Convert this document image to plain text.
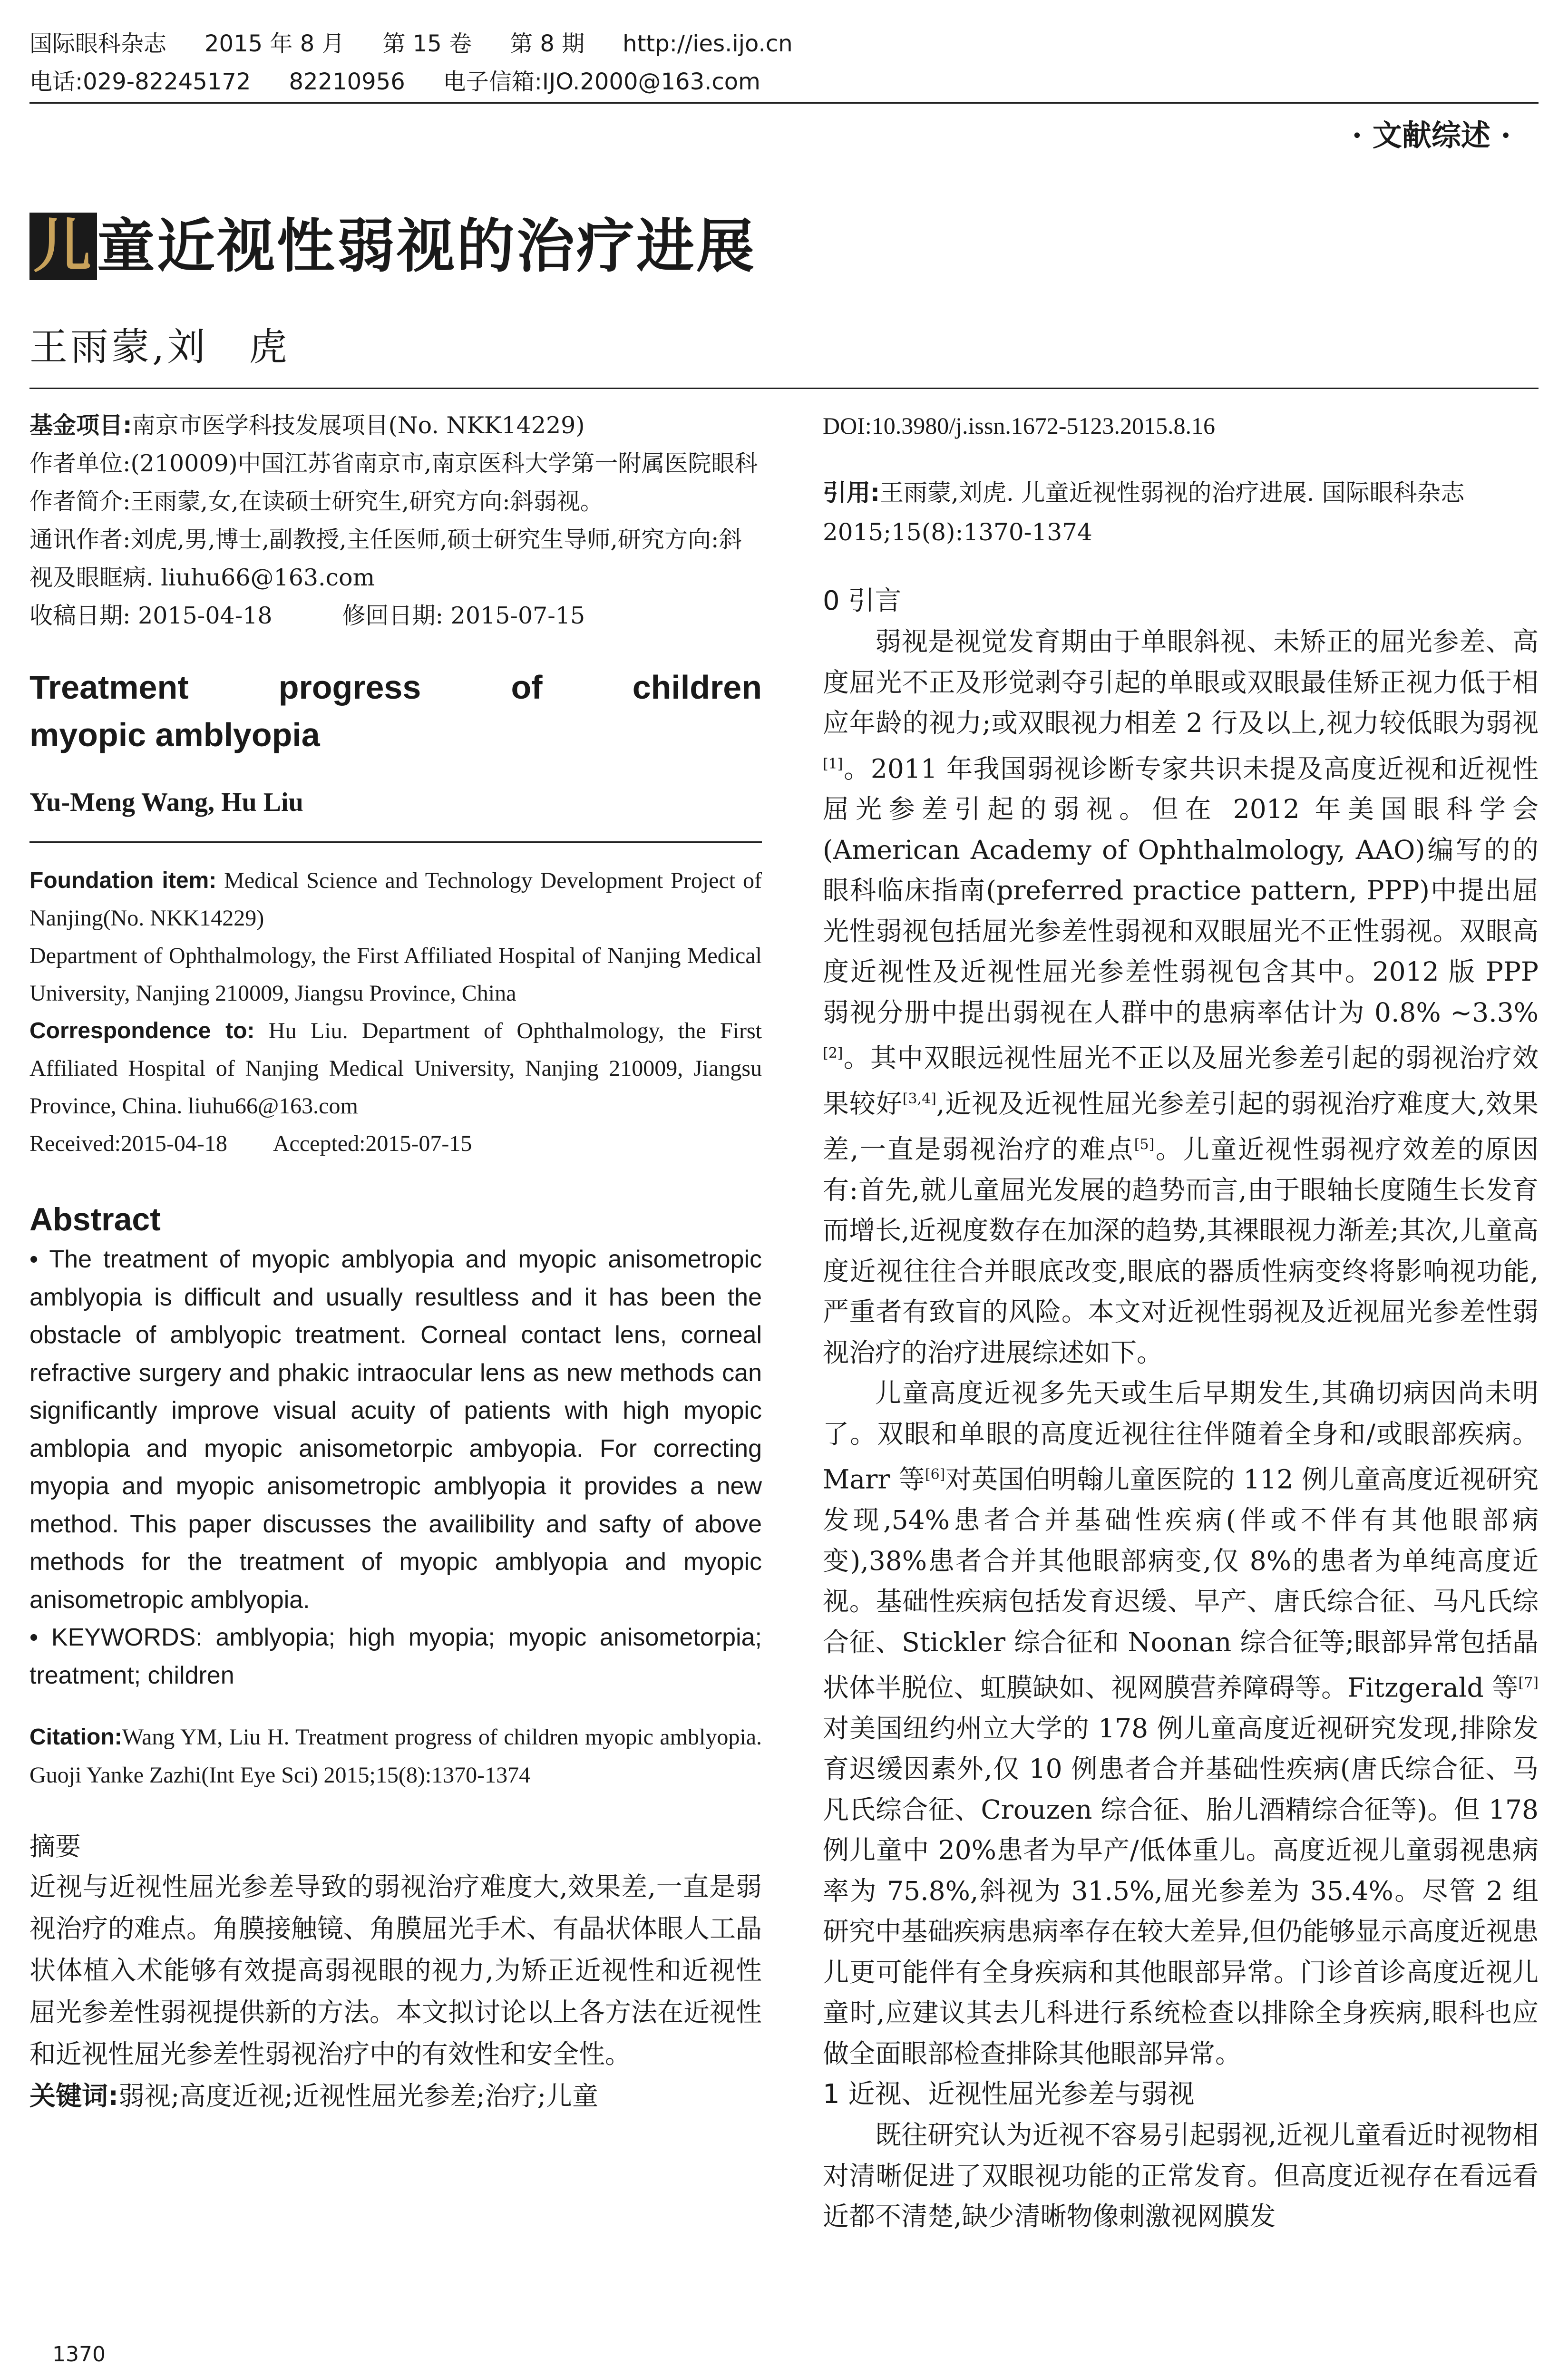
国际眼科杂志 2015 年 8 月 第 15 卷 第 8 期 http://ies.ijo.cn
电话:029-82245172 82210956 电子信箱:IJO.2000@163.com
· 文献综述 ·
儿童近视性弱视的治疗进展
王雨蒙,刘　虎

基金项目:南京市医学科技发展项目(No. NKK14229)

作者单位:(210009)中国江苏省南京市,南京医科大学第一附属医院眼科

作者简介:王雨蒙,女,在读硕士研究生,研究方向:斜弱视。

通讯作者:刘虎,男,博士,副教授,主任医师,硕士研究生导师,研究方向:斜视及眼眶病. liuhu66@163.com

收稿日期: 2015-04-18　　　修回日期: 2015-07-15

Treatment progress of children
myopic amblyopia
Yu-Meng Wang, Hu Liu

Foundation item: Medical Science and Technology Development Project of Nanjing(No. NKK14229)

Department of Ophthalmology, the First Affiliated Hospital of Nanjing Medical University, Nanjing 210009, Jiangsu Province, China

Correspondence to: Hu Liu. Department of Ophthalmology, the First Affiliated Hospital of Nanjing Medical University, Nanjing 210009, Jiangsu Province, China. liuhu66@163.com

Received:2015-04-18　　Accepted:2015-07-15

Abstract

• The treatment of myopic amblyopia and myopic anisometropic amblyopia is difficult and usually resultless and it has been the obstacle of amblyopic treatment. Corneal contact lens, corneal refractive surgery and phakic intraocular lens as new methods can significantly improve visual acuity of patients with high myopic amblopia and myopic anisometorpic ambyopia. For correcting myopia and myopic anisometropic amblyopia it provides a new method. This paper discusses the availibility and safty of above methods for the treatment of myopic amblyopia and myopic anisometropic amblyopia.

• KEYWORDS: amblyopia; high myopia; myopic anisometorpia; treatment; children

Citation:Wang YM, Liu H. Treatment progress of children myopic amblyopia. Guoji Yanke Zazhi(Int Eye Sci) 2015;15(8):1370-1374
摘要

近视与近视性屈光参差导致的弱视治疗难度大,效果差,一直是弱视治疗的难点。角膜接触镜、角膜屈光手术、有晶状体眼人工晶状体植入术能够有效提高弱视眼的视力,为矫正近视性和近视性屈光参差性弱视提供新的方法。本文拟讨论以上各方法在近视性和近视性屈光参差性弱视治疗中的有效性和安全性。

关键词:弱视;高度近视;近视性屈光参差;治疗;儿童
DOI:10.3980/j.issn.1672-5123.2015.8.16
引用:王雨蒙,刘虎. 儿童近视性弱视的治疗进展. 国际眼科杂志 2015;15(8):1370-1374
0 引言

弱视是视觉发育期由于单眼斜视、未矫正的屈光参差、高度屈光不正及形觉剥夺引起的单眼或双眼最佳矫正视力低于相应年龄的视力;或双眼视力相差 2 行及以上,视力较低眼为弱视[1]。2011 年我国弱视诊断专家共识未提及高度近视和近视性屈光参差引起的弱视。但在 2012 年美国眼科学会(American Academy of Ophthalmology, AAO)编写的的眼科临床指南(preferred practice pattern, PPP)中提出屈光性弱视包括屈光参差性弱视和双眼屈光不正性弱视。双眼高度近视性及近视性屈光参差性弱视包含其中。2012 版 PPP 弱视分册中提出弱视在人群中的患病率估计为 0.8% ~3.3%[2]。其中双眼远视性屈光不正以及屈光参差引起的弱视治疗效果较好[3,4],近视及近视性屈光参差引起的弱视治疗难度大,效果差,一直是弱视治疗的难点[5]。儿童近视性弱视疗效差的原因有:首先,就儿童屈光发展的趋势而言,由于眼轴长度随生长发育而增长,近视度数存在加深的趋势,其裸眼视力渐差;其次,儿童高度近视往往合并眼底改变,眼底的器质性病变终将影响视功能,严重者有致盲的风险。本文对近视性弱视及近视屈光参差性弱视治疗的治疗进展综述如下。

儿童高度近视多先天或生后早期发生,其确切病因尚未明了。双眼和单眼的高度近视往往伴随着全身和/或眼部疾病。Marr 等[6]对英国伯明翰儿童医院的 112 例儿童高度近视研究发现,54%患者合并基础性疾病(伴或不伴有其他眼部病变),38%患者合并其他眼部病变,仅 8%的患者为单纯高度近视。基础性疾病包括发育迟缓、早产、唐氏综合征、马凡氏综合征、Stickler 综合征和 Noonan 综合征等;眼部异常包括晶状体半脱位、虹膜缺如、视网膜营养障碍等。Fitzgerald 等[7]对美国纽约州立大学的 178 例儿童高度近视研究发现,排除发育迟缓因素外,仅 10 例患者合并基础性疾病(唐氏综合征、马凡氏综合征、Crouzen 综合征、胎儿酒精综合征等)。但 178 例儿童中 20%患者为早产/低体重儿。高度近视儿童弱视患病率为 75.8%,斜视为 31.5%,屈光参差为 35.4%。尽管 2 组研究中基础疾病患病率存在较大差异,但仍能够显示高度近视患儿更可能伴有全身疾病和其他眼部异常。门诊首诊高度近视儿童时,应建议其去儿科进行系统检查以排除全身疾病,眼科也应做全面眼部检查排除其他眼部异常。

1 近视、近视性屈光参差与弱视

既往研究认为近视不容易引起弱视,近视儿童看近时视物相对清晰促进了双眼视功能的正常发育。但高度近视存在看远看近都不清楚,缺少清晰物像刺激视网膜发

1370
